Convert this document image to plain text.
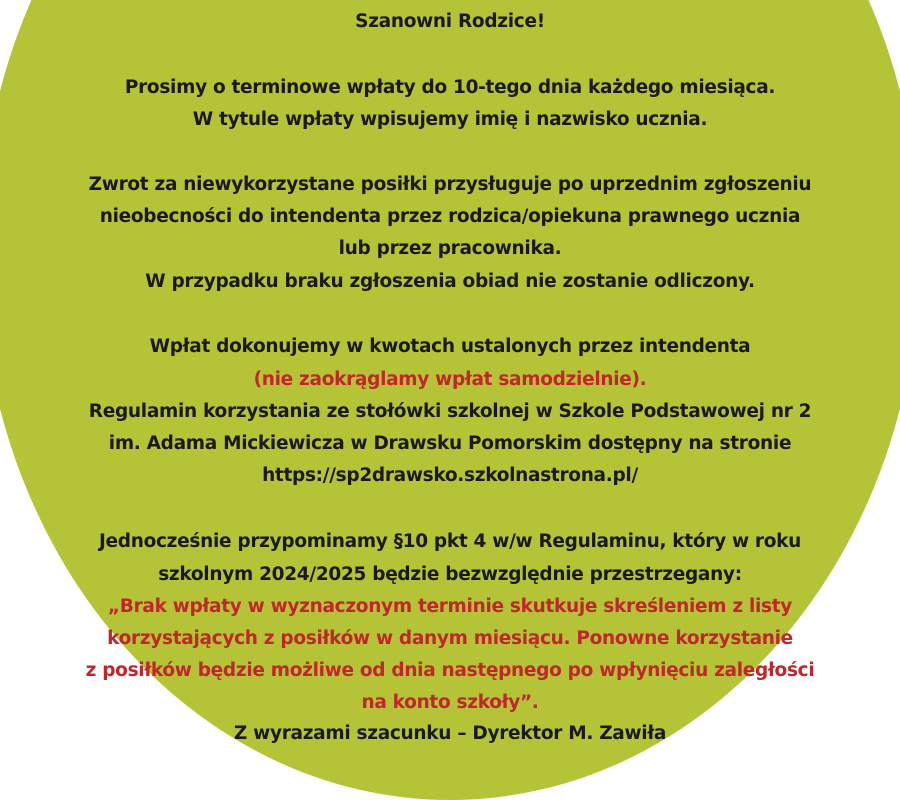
Szanowni Rodzice!
Prosimy o terminowe wpłaty do 10-tego dnia każdego miesiąca.
W tytule wpłaty wpisujemy imię i nazwisko ucznia.
Zwrot za niewykorzystane posiłki przysługuje po uprzednim zgłoszeniu
nieobecności do intendenta przez rodzica/opiekuna prawnego ucznia
lub przez pracownika.
W przypadku braku zgłoszenia obiad nie zostanie odliczony.
Wpłat dokonujemy w kwotach ustalonych przez intendenta
(nie zaokrąglamy wpłat samodzielnie).
Regulamin korzystania ze stołówki szkolnej w Szkole Podstawowej nr 2
im. Adama Mickiewicza w Drawsku Pomorskim dostępny na stronie
https://sp2drawsko.szkolnastrona.pl/
Jednocześnie przypominamy §10 pkt 4 w/w Regulaminu, który w roku
szkolnym 2024/2025 będzie bezwzględnie przestrzegany:
„Brak wpłaty w wyznaczonym terminie skutkuje skreśleniem z listy
korzystających z posiłków w danym miesiącu. Ponowne korzystanie
z posiłków będzie możliwe od dnia następnego po wpłynięciu zaległości
na konto szkoły”.
Z wyrazami szacunku – Dyrektor M. Zawiła
